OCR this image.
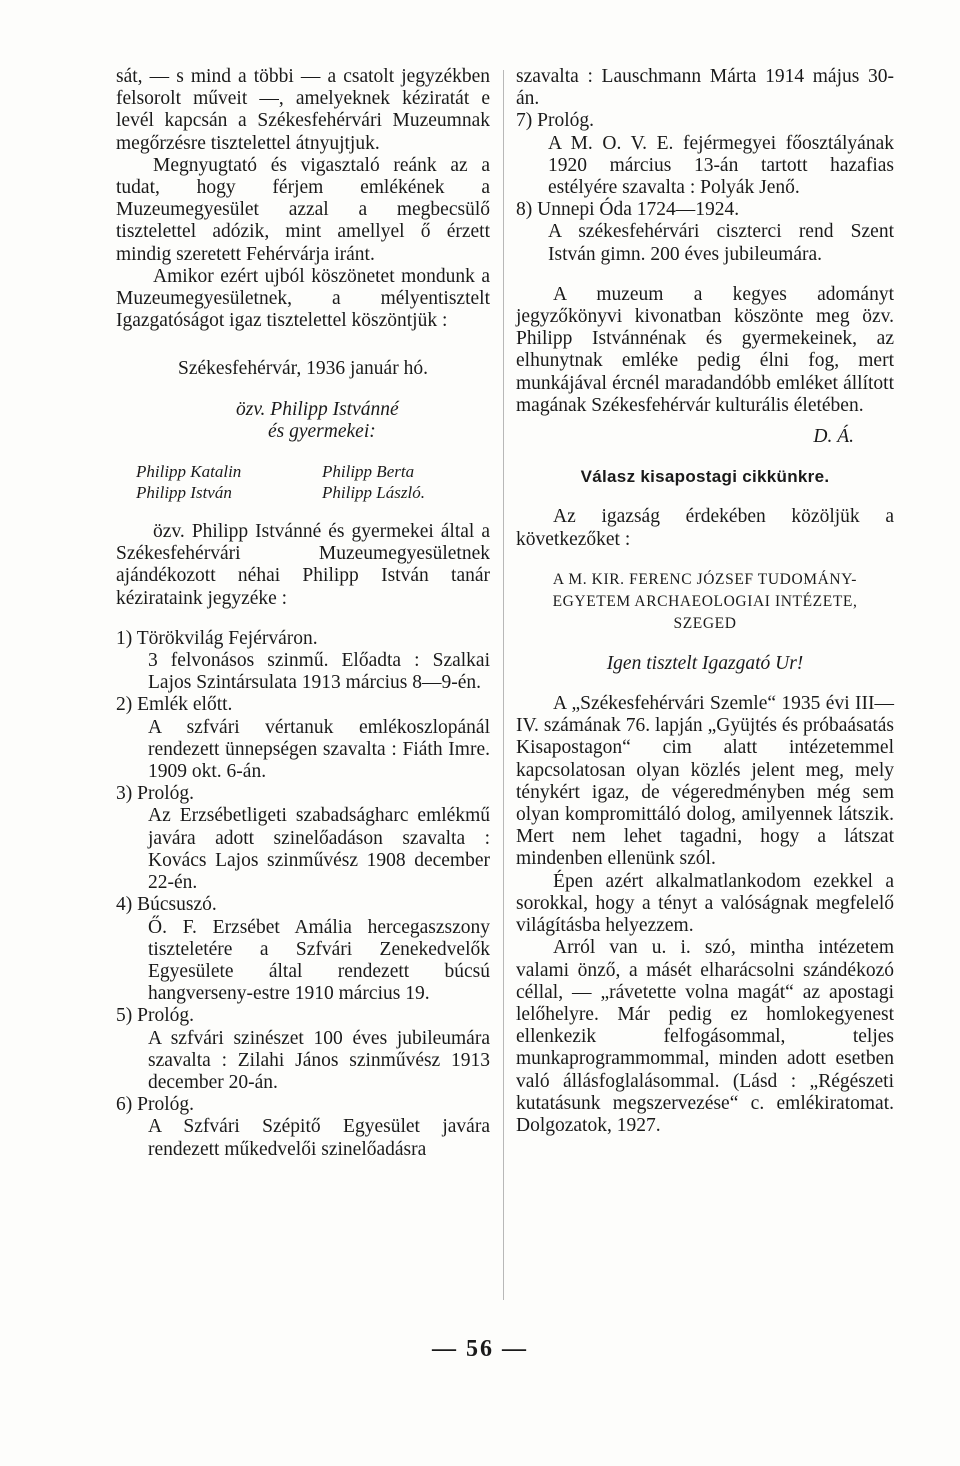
sát, — s mind a többi — a csatolt jegyzékben felsorolt műveit —, amelyeknek kéziratát e levél kapcsán a Székesfehérvári Muzeumnak megőrzésre tisztelettel átnyujtjuk.

Megnyugtató és vigasztaló reánk az a tudat, hogy férjem emlékének a Muzeumegyesület azzal a megbecsülő tisztelettel adózik, mint amellyel ő érzett mindig szeretett Fehérvárja iránt.

Amikor ezért ujból köszönetet mondunk a Muzeumegyesületnek, a mélyentisztelt Igazgatóságot igaz tisztelettel köszöntjük :

Székesfehérvár, 1936 január hó.

özv. Philipp Istvánné

és gyermekei:

Philipp Katalin	Philipp Berta
Philipp István	Philipp László.

özv. Philipp Istvánné és gyermekei által a Székesfehérvári Muzeumegyesületnek ajándékozott néhai Philipp István tanár kézirataink jegyzéke :

1) Törökvilág Fejérváron.

3 felvonásos szinmű. Előadta : Szalkai Lajos Szintársulata 1913 március 8—9-én.

2) Emlék előtt.

A szfvári vértanuk emlékoszlopánál rendezett ünnepségen szavalta : Fiáth Imre. 1909 okt. 6-án.

3) Prológ.

Az Erzsébetligeti szabadságharc emlékmű javára adott szinelőadáson szavalta : Kovács Lajos szinművész 1908 december 22-én.

4) Búcsuszó.

Ő. F. Erzsébet Amália hercegaszszony tiszteletére a Szfvári Zenekedvelők Egyesülete által rendezett búcsú hangverseny-estre 1910 március 19.

5) Prológ.

A szfvári szinészet 100 éves jubileumára szavalta : Zilahi János szinművész 1913 december 20-án.

6) Prológ.

A Szfvári Szépitő Egyesület javára rendezett műkedvelői szinelőadásra

szavalta : Lauschmann Márta 1914 május 30-án.

7) Prológ.

A M. O. V. E. fejérmegyei főosztályának 1920 március 13-án tartott hazafias estélyére szavalta : Polyák Jenő.

8) Unnepi Óda 1724—1924.

A székesfehérvári ciszterci rend Szent István gimn. 200 éves jubileumára.

A muzeum a kegyes adományt jegyzőkönyvi kivonatban köszönte meg özv. Philipp Istvánnénak és gyermekeinek, az elhunytnak emléke pedig élni fog, mert munkájával ércnél maradandóbb emléket állított magának Székesfehérvár kulturális életében.

D. Á.

Válasz kisapostagi cikkünkre.

Az igazság érdekében közöljük a következőket :

A M. KIR. FERENC JÓZSEF TUDOMÁNY-

EGYETEM ARCHAEOLOGIAI INTÉZETE,

SZEGED

Igen tisztelt Igazgató Ur!

A „Székesfehérvári Szemle“ 1935 évi III—IV. számának 76. lapján „Gyüjtés és próbaásatás Kisapostagon“ cim alatt intézetemmel kapcsolatosan olyan közlés jelent meg, mely ténykért igaz, de végeredményben még sem olyan kompromittáló dolog, amilyennek látszik. Mert nem lehet tagadni, hogy a látszat mindenben ellenünk szól.

Épen azért alkalmatlankodom ezekkel a sorokkal, hogy a tényt a valóságnak megfelelő világításba helyezzem.

Arról van u. i. szó, mintha intézetem valami önző, a másét elharácsolni szándékozó céllal, — „rávetette volna magát“ az apostagi lelőhelyre. Már pedig ez homlokegyenest ellenkezik felfogásommal, teljes munkaprogrammommal, minden adott esetben való állásfoglalásommal. (Lásd : „Régészeti kutatásunk megszervezése“ c. emlékiratomat. Dolgozatok, 1927.

— 56 —
